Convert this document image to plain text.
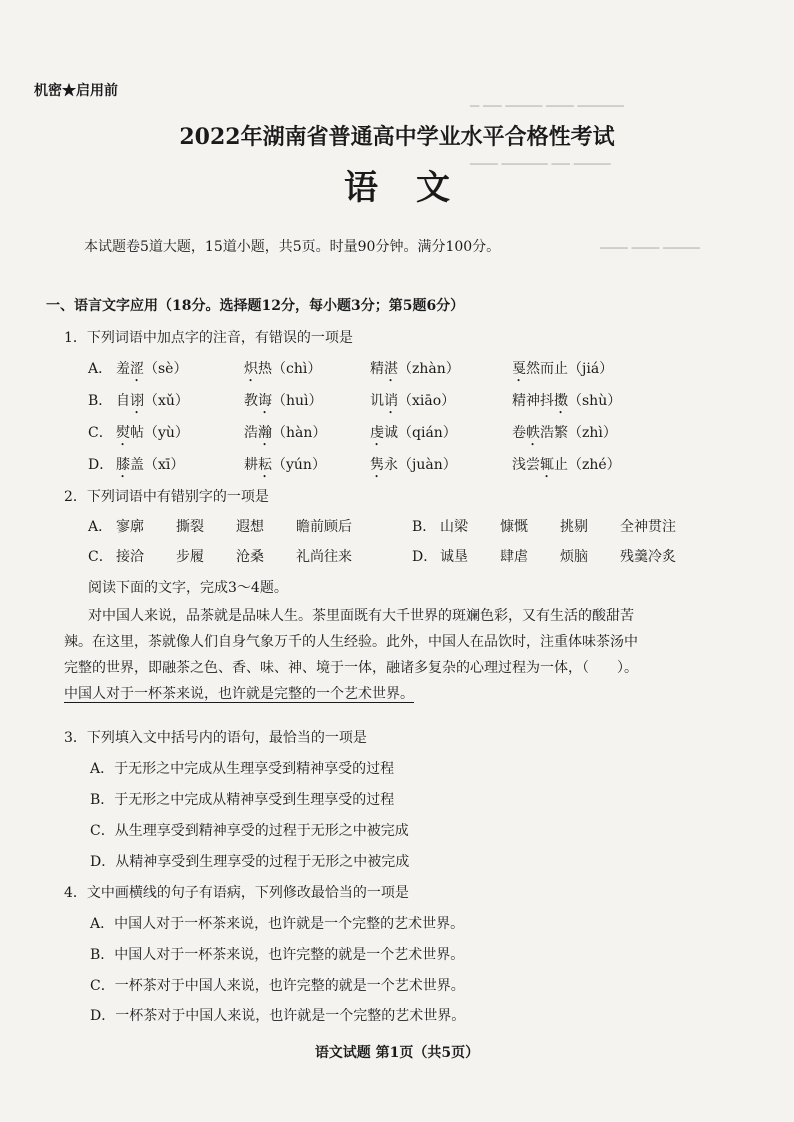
▁ ▁▁ ▁▁▁▁ ▁▁▁ ▁▁▁▁▁
▁▁▁ ▁▁▁▁▁ ▁▁ ▁▁▁▁
▁▁▁ ▁▁▁ ▁▁▁▁
机密★启用前
2022年湖南省普通高中学业水平合格性考试
语文
本试题卷5道大题，15道小题，共5页。时量90分钟。满分100分。
一、语言文字应用（18分。选择题12分，每小题3分；第5题6分）
1．下列词语中加点字的注音，有错误的一项是
A． 羞涩（sè）	炽热（chì）	精湛（zhàn）	戛然而止（jiá）
B． 自诩（xǔ）	教诲（huì）	讥诮（xiāo）	精神抖擞（shù）
C． 熨帖（yù）	浩瀚（hàn）	虔诚（qián）	卷帙浩繁（zhì）
D． 膝盖（xī）	耕耘（yún）	隽永（juàn）	浅尝辄止（zhé）
2．下列词语中有错别字的一项是
A． 寥廓 撕裂 遐想 瞻前顾后	B． 山梁 慷慨 挑剔 全神贯注
C． 接洽 步履 沧桑 礼尚往来	D． 诚垦 肆虐 烦脑 残羹冷炙
阅读下面的文字，完成3～4题。
对中国人来说，品茶就是品味人生。茶里面既有大千世界的斑斓色彩，又有生活的酸甜苦
辣。在这里，茶就像人们自身气象万千的人生经验。此外，中国人在品饮时，注重体味茶汤中
完整的世界，即融茶之色、香、味、神、境于一体，融诸多复杂的心理过程为一体，（　　）。
中国人对于一杯茶来说，也许就是完整的一个艺术世界。
3．下列填入文中括号内的语句，最恰当的一项是
A．于无形之中完成从生理享受到精神享受的过程
B．于无形之中完成从精神享受到生理享受的过程
C．从生理享受到精神享受的过程于无形之中被完成
D．从精神享受到生理享受的过程于无形之中被完成
4．文中画横线的句子有语病，下列修改最恰当的一项是
A．中国人对于一杯茶来说，也许就是一个完整的艺术世界。
B．中国人对于一杯茶来说，也许完整的就是一个艺术世界。
C．一杯茶对于中国人来说，也许完整的就是一个艺术世界。
D．一杯茶对于中国人来说，也许就是一个完整的艺术世界。
语文试题 第1页（共5页）
